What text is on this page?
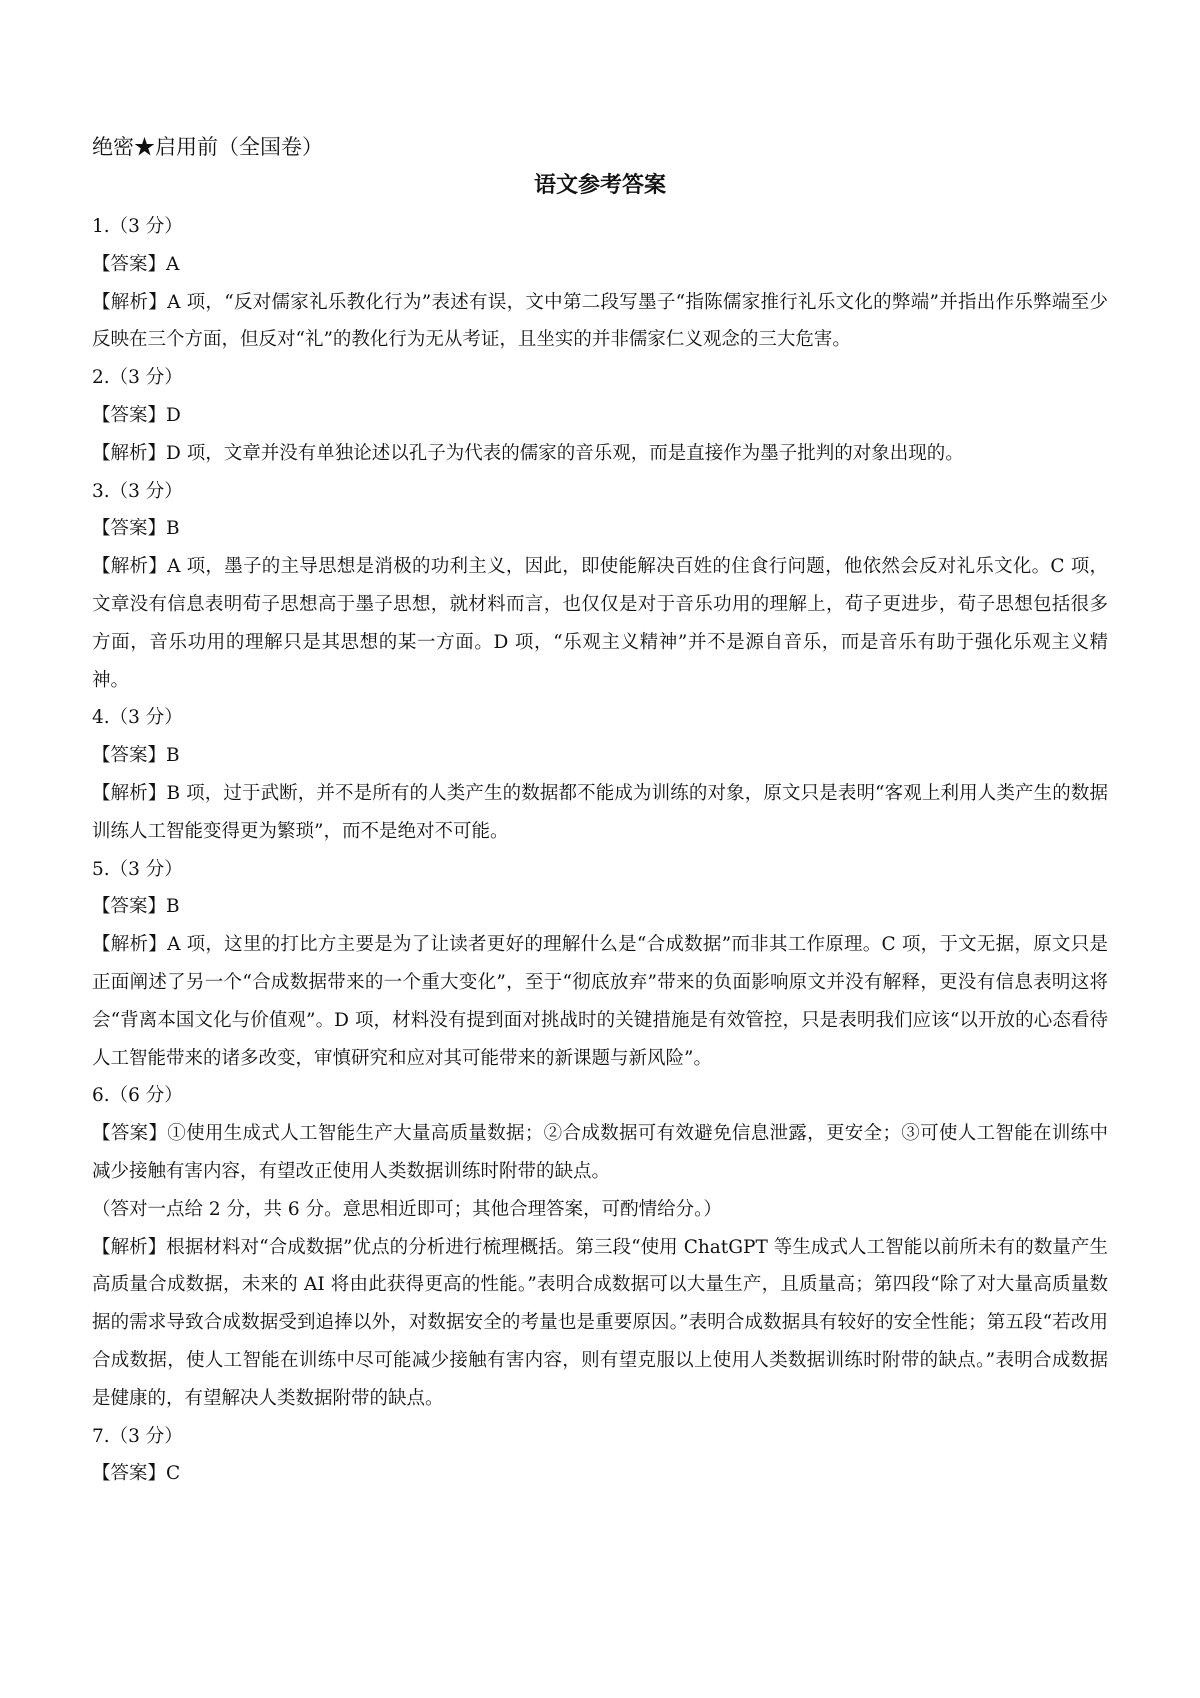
绝密★启用前（全国卷）
语文参考答案
1.（3 分）
【答案】A
【解析】A 项，“反对儒家礼乐教化行为”表述有误，文中第二段写墨子“指陈儒家推行礼乐文化的弊端”并指出作乐弊端至少反映在三个方面，但反对“礼”的教化行为无从考证，且坐实的并非儒家仁义观念的三大危害。
2.（3 分）
【答案】D
【解析】D 项，文章并没有单独论述以孔子为代表的儒家的音乐观，而是直接作为墨子批判的对象出现的。
3.（3 分）
【答案】B
【解析】A 项，墨子的主导思想是消极的功利主义，因此，即使能解决百姓的住食行问题，他依然会反对礼乐文化。C 项，文章没有信息表明荀子思想高于墨子思想，就材料而言，也仅仅是对于音乐功用的理解上，荀子更进步，荀子思想包括很多方面，音乐功用的理解只是其思想的某一方面。D 项，“乐观主义精神”并不是源自音乐，而是音乐有助于强化乐观主义精神。
4.（3 分）
【答案】B
【解析】B 项，过于武断，并不是所有的人类产生的数据都不能成为训练的对象，原文只是表明“客观上利用人类产生的数据训练人工智能变得更为繁琐”，而不是绝对不可能。
5.（3 分）
【答案】B
【解析】A 项，这里的打比方主要是为了让读者更好的理解什么是“合成数据”而非其工作原理。C 项，于文无据，原文只是正面阐述了另一个“合成数据带来的一个重大变化”，至于“彻底放弃”带来的负面影响原文并没有解释，更没有信息表明这将会“背离本国文化与价值观”。D 项，材料没有提到面对挑战时的关键措施是有效管控，只是表明我们应该“以开放的心态看待人工智能带来的诸多改变，审慎研究和应对其可能带来的新课题与新风险”。
6.（6 分）
【答案】①使用生成式人工智能生产大量高质量数据；②合成数据可有效避免信息泄露，更安全；③可使人工智能在训练中减少接触有害内容，有望改正使用人类数据训练时附带的缺点。
（答对一点给 2 分，共 6 分。意思相近即可；其他合理答案，可酌情给分。）
【解析】根据材料对“合成数据”优点的分析进行梳理概括。第三段“使用 ChatGPT 等生成式人工智能以前所未有的数量产生高质量合成数据，未来的 AI 将由此获得更高的性能。”表明合成数据可以大量生产，且质量高；第四段“除了对大量高质量数据的需求导致合成数据受到追捧以外，对数据安全的考量也是重要原因。”表明合成数据具有较好的安全性能；第五段“若改用合成数据，使人工智能在训练中尽可能减少接触有害内容，则有望克服以上使用人类数据训练时附带的缺点。”表明合成数据是健康的，有望解决人类数据附带的缺点。
7.（3 分）
【答案】C
